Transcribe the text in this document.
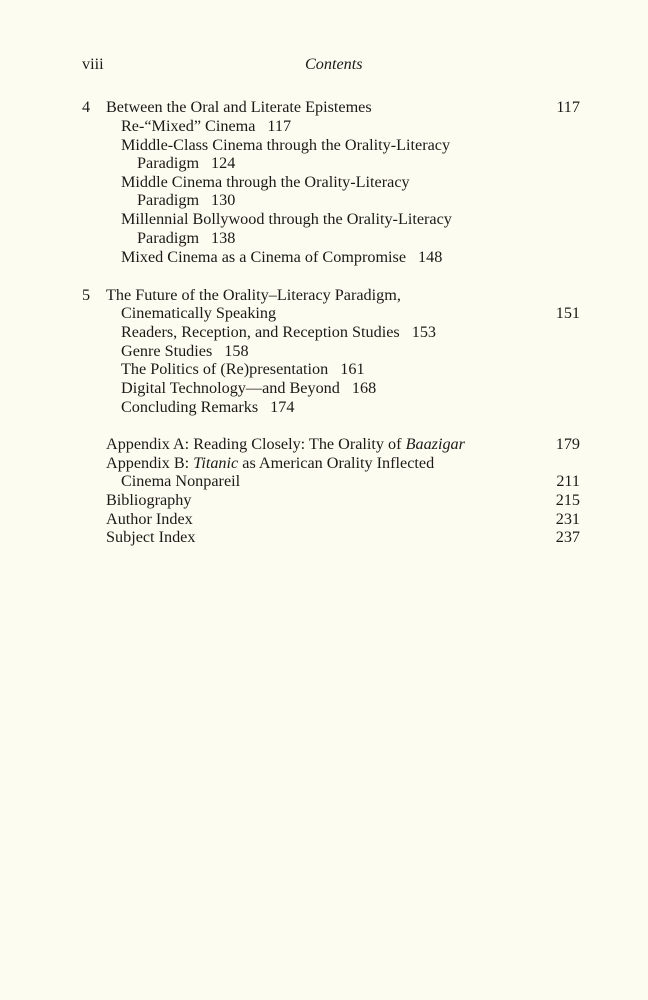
viii	Contents
4 Between the Oral and Literate Epistemes	117
Re-“Mixed” Cinema 117
Middle-Class Cinema through the Orality-Literacy
Paradigm 124
Middle Cinema through the Orality-Literacy
Paradigm 130
Millennial Bollywood through the Orality-Literacy
Paradigm 138
Mixed Cinema as a Cinema of Compromise 148
5 The Future of the Orality–Literacy Paradigm,
Cinematically Speaking	151
Readers, Reception, and Reception Studies 153
Genre Studies 158
The Politics of (Re)presentation 161
Digital Technology—and Beyond 168
Concluding Remarks 174
Appendix A: Reading Closely: The Orality of Baazigar	179
Appendix B: Titanic as American Orality Inflected
Cinema Nonpareil	211
Bibliography	215
Author Index	231
Subject Index	237
